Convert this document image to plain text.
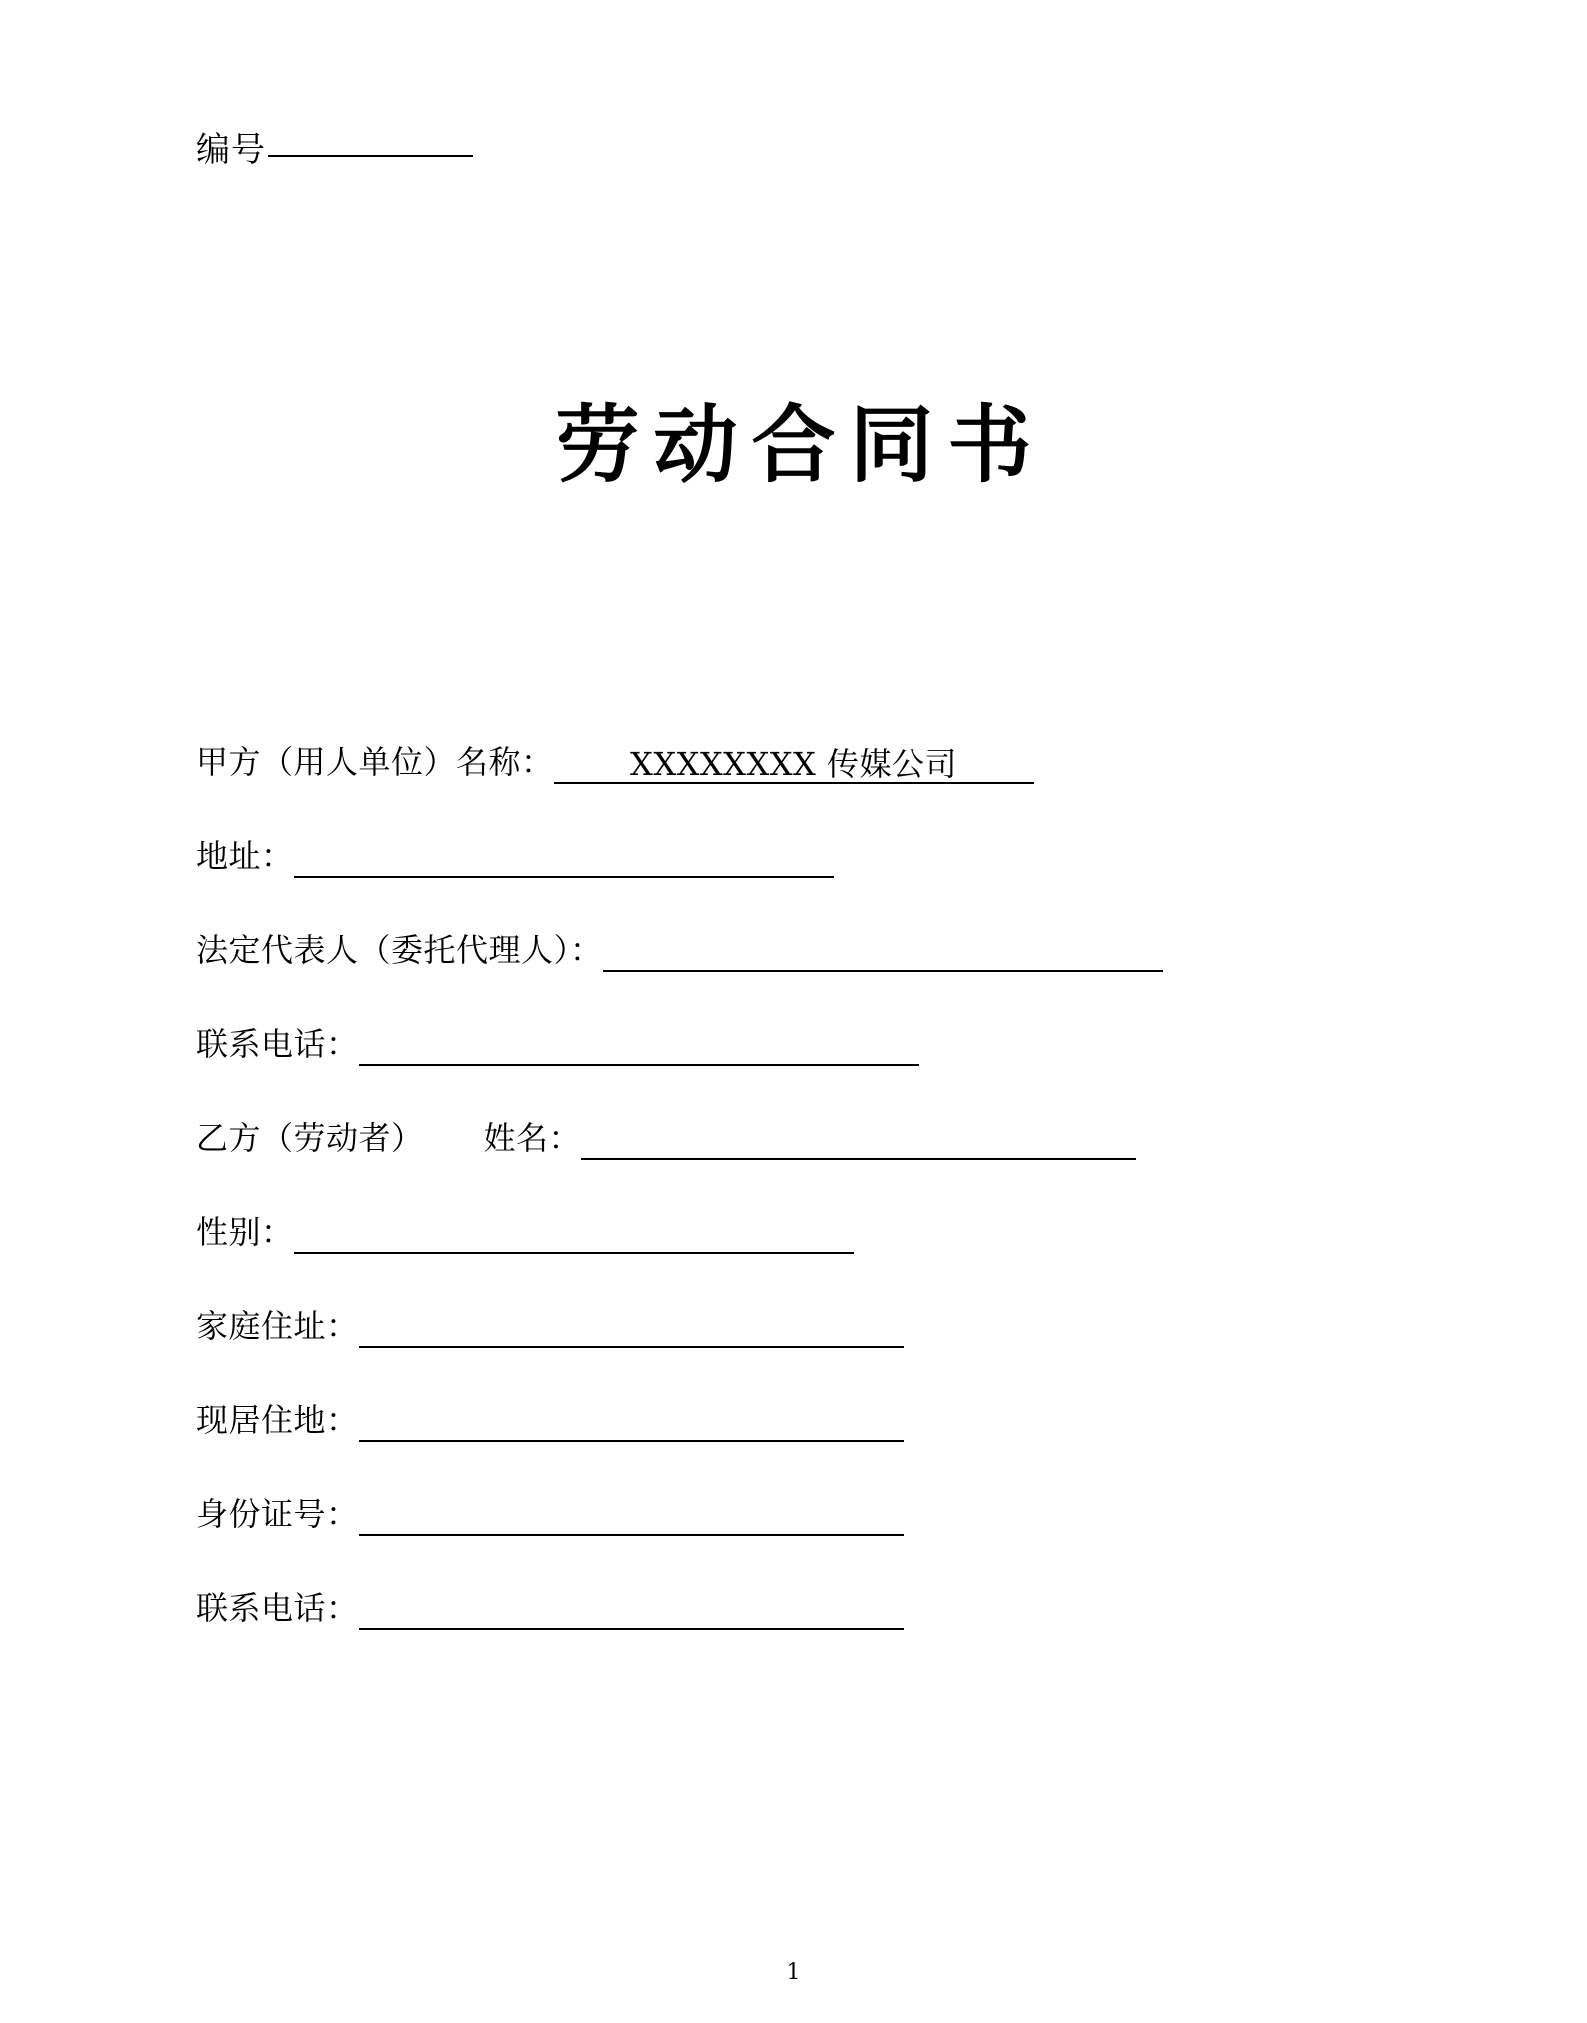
编号
劳动合同书
甲方（用人单位）名称：	XXXXXXXX 传媒公司
地址：
法定代表人（委托代理人）：
联系电话：
乙方（劳动者） 姓名：
性别：
家庭住址：
现居住地：
身份证号：
联系电话：
1
